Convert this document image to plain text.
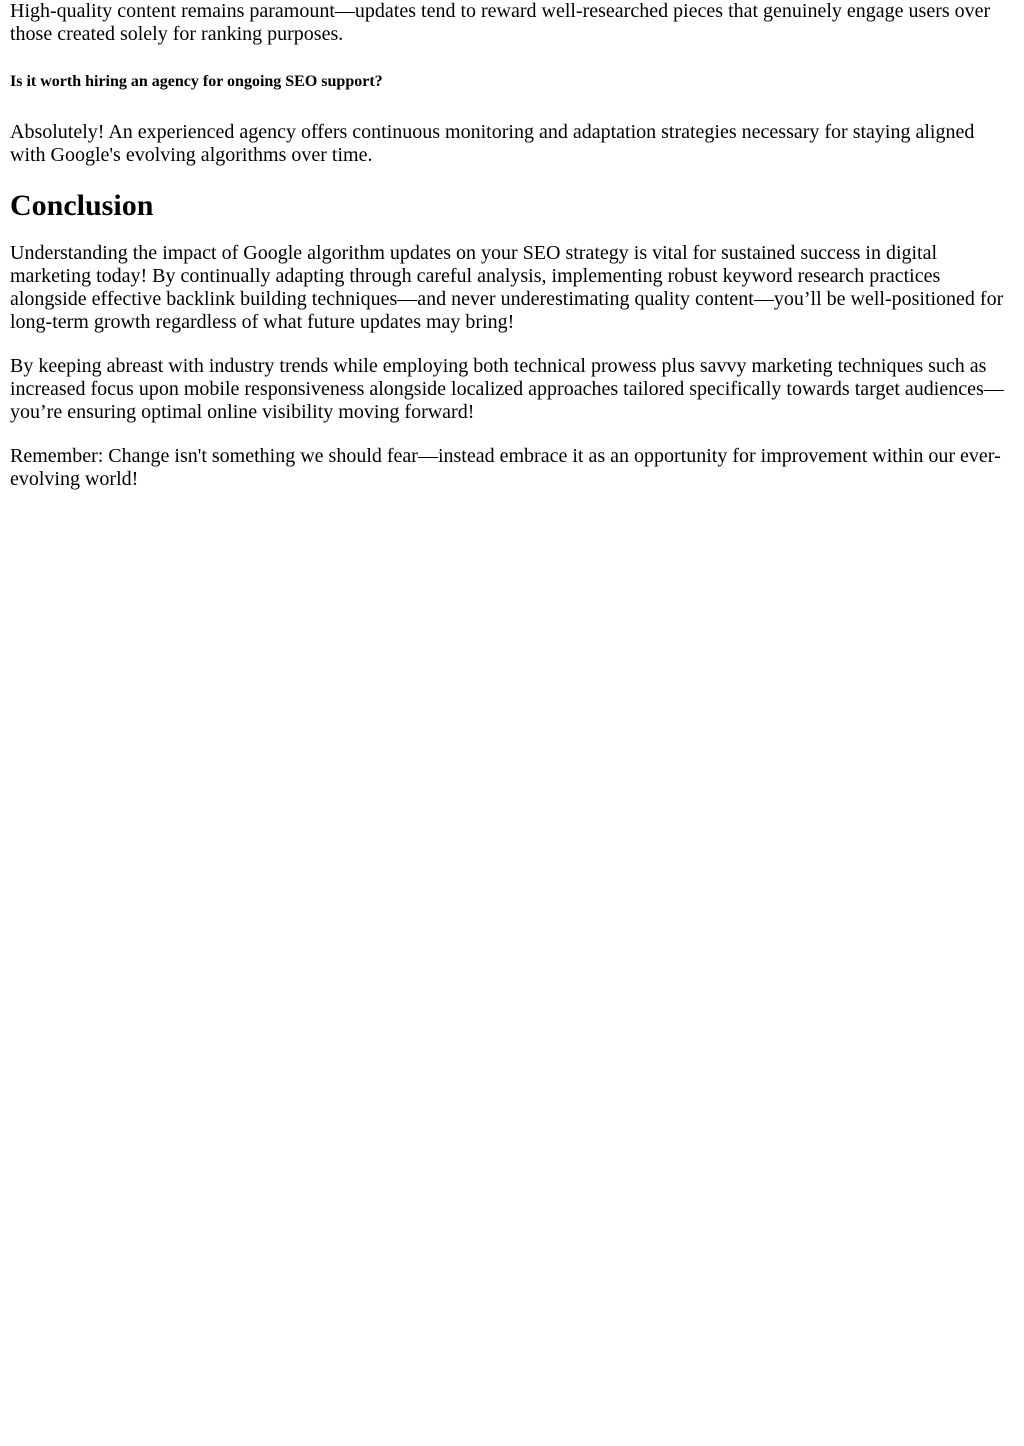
High-quality content remains paramount—updates tend to reward well-researched pieces that genuinely engage users over those created solely for ranking purposes.

Is it worth hiring an agency for ongoing SEO support?

Absolutely! An experienced agency offers continuous monitoring and adaptation strategies necessary for staying aligned with Google's evolving algorithms over time.

Conclusion

Understanding the impact of Google algorithm updates on your SEO strategy is vital for sustained success in digital marketing today! By continually adapting through careful analysis, implementing robust keyword research practices alongside effective backlink building techniques—and never underestimating quality content—you’ll be well-positioned for long-term growth regardless of what future updates may bring!

By keeping abreast with industry trends while employing both technical prowess plus savvy marketing techniques such as increased focus upon mobile responsiveness alongside localized approaches tailored specifically towards target audiences—you’re ensuring optimal online visibility moving forward!

Remember: Change isn't something we should fear—instead embrace it as an opportunity for improvement within our ever-evolving world!
